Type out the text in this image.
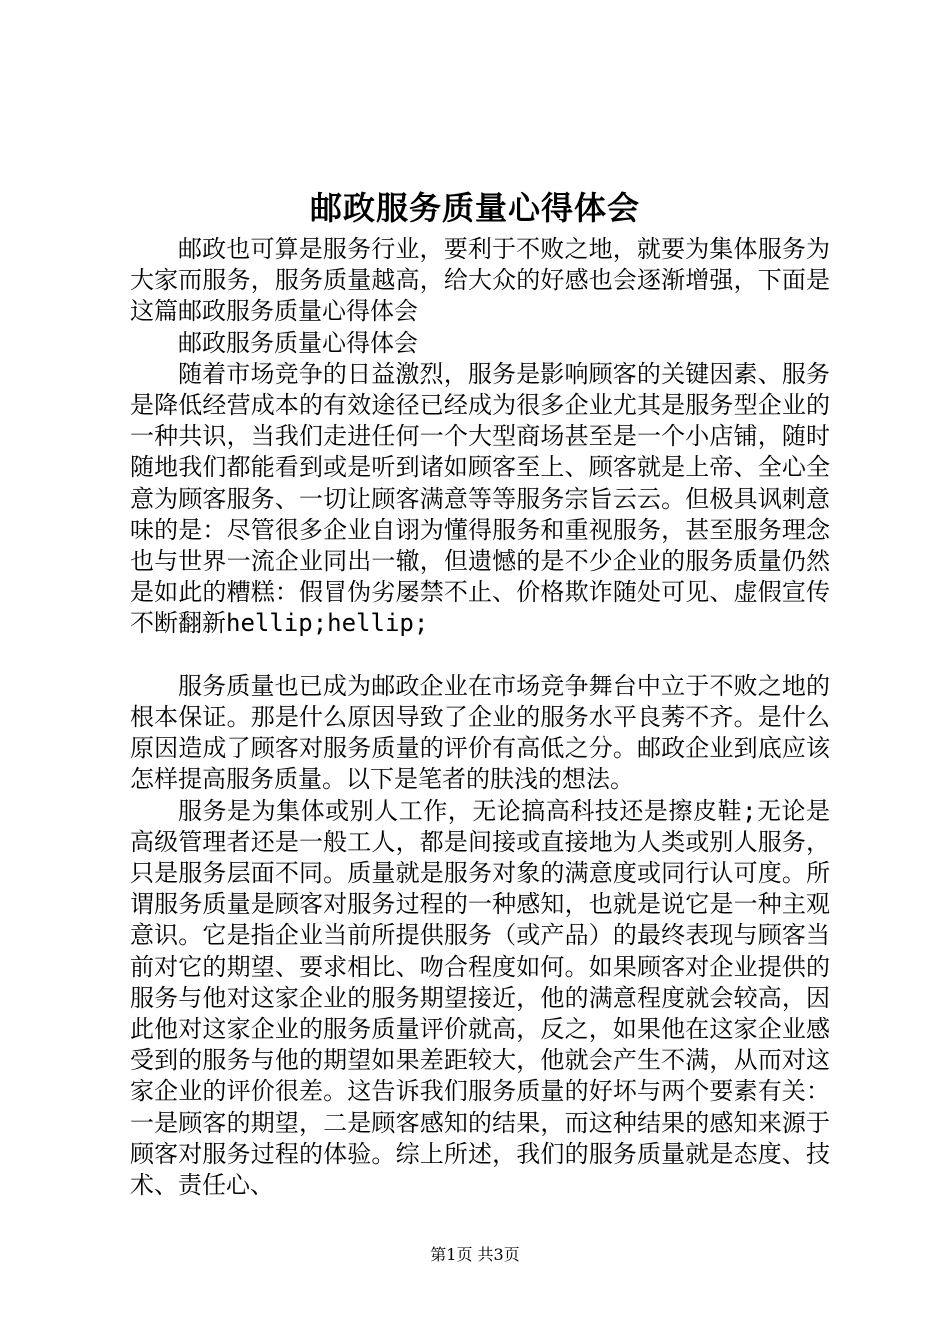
邮政服务质量心得体会

邮政也可算是服务行业，要利于不败之地，就要为集体服务为大家而服务，服务质量越高，给大众的好感也会逐渐增强，下面是这篇邮政服务质量心得体会

邮政服务质量心得体会

随着市场竞争的日益激烈，服务是影响顾客的关键因素、服务是降低经营成本的有效途径已经成为很多企业尤其是服务型企业的一种共识，当我们走进任何一个大型商场甚至是一个小店铺，随时随地我们都能看到或是听到诸如顾客至上、顾客就是上帝、全心全意为顾客服务、一切让顾客满意等等服务宗旨云云。但极具讽刺意味的是：尽管很多企业自诩为懂得服务和重视服务，甚至服务理念也与世界一流企业同出一辙，但遗憾的是不少企业的服务质量仍然是如此的糟糕：假冒伪劣屡禁不止、价格欺诈随处可见、虚假宣传不断翻新hellip;hellip;

服务质量也已成为邮政企业在市场竞争舞台中立于不败之地的根本保证。那是什么原因导致了企业的服务水平良莠不齐。是什么原因造成了顾客对服务质量的评价有高低之分。邮政企业到底应该怎样提高服务质量。以下是笔者的肤浅的想法。

服务是为集体或别人工作，无论搞高科技还是擦皮鞋;无论是高级管理者还是一般工人，都是间接或直接地为人类或别人服务，只是服务层面不同。质量就是服务对象的满意度或同行认可度。所谓服务质量是顾客对服务过程的一种感知，也就是说它是一种主观意识。它是指企业当前所提供服务（或产品）的最终表现与顾客当前对它的期望、要求相比、吻合程度如何。如果顾客对企业提供的服务与他对这家企业的服务期望接近，他的满意程度就会较高，因此他对这家企业的服务质量评价就高，反之，如果他在这家企业感受到的服务与他的期望如果差距较大，他就会产生不满，从而对这家企业的评价很差。这告诉我们服务质量的好坏与两个要素有关：一是顾客的期望，二是顾客感知的结果，而这种结果的感知来源于顾客对服务过程的体验。综上所述，我们的服务质量就是态度、技术、责任心、

第1页 共3页
